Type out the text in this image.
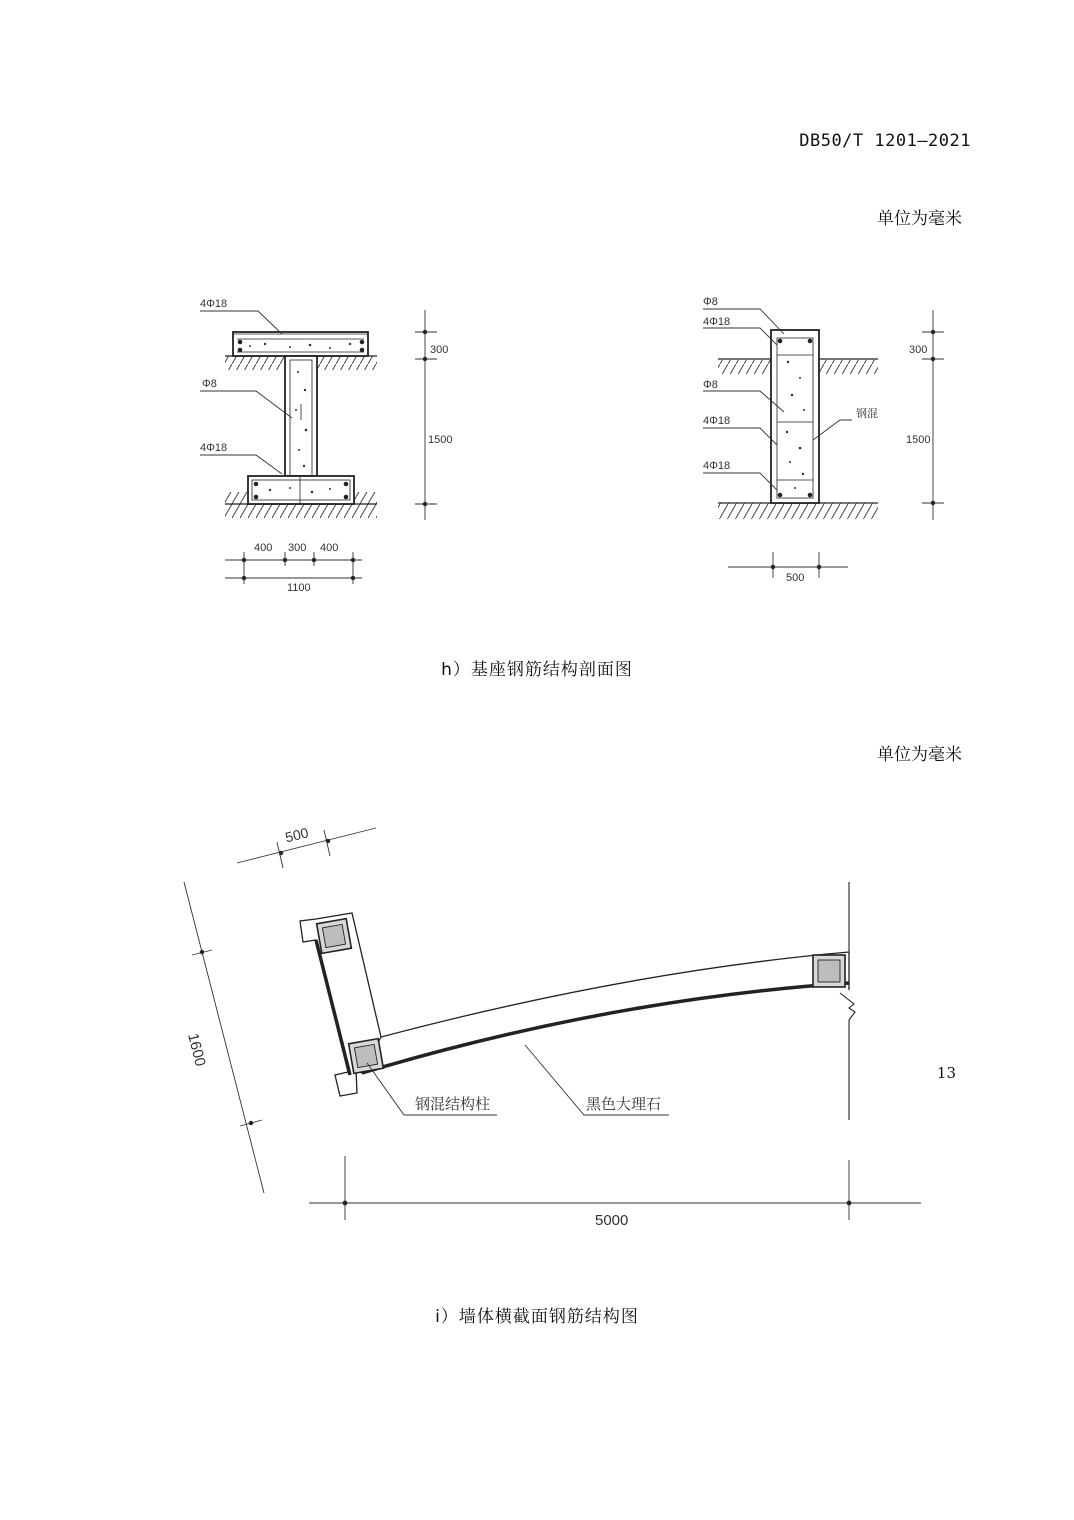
DB50/T 1201—2021
单位为毫米
4Φ18
Φ8
4Φ18
300
1500
400 300 400
1100
Φ8
4Φ18
Φ8
4Φ18
4Φ18
钢混
300
1500
500
h）基座钢筋结构剖面图
单位为毫米
钢混结构柱	黑色大理石
500
1600
5000
i）墙体横截面钢筋结构图
13
